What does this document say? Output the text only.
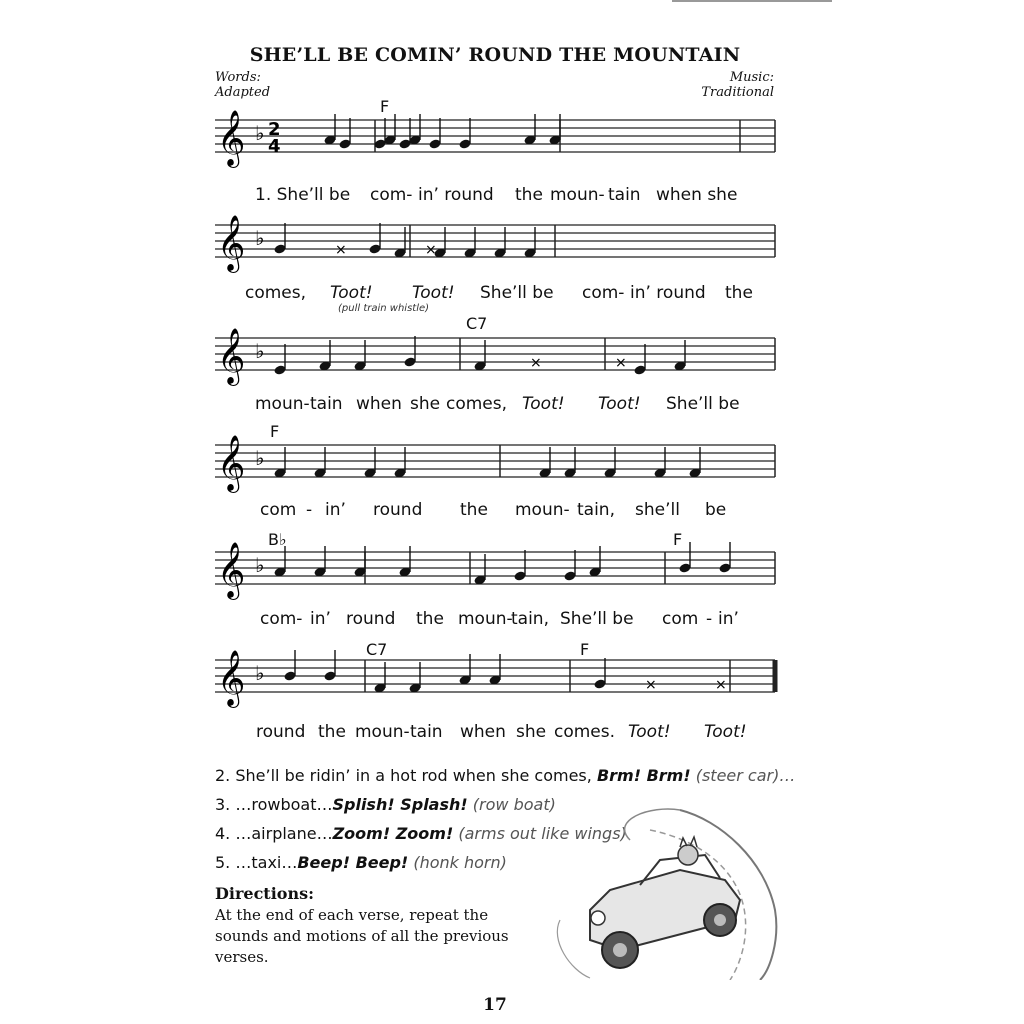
SHE’LL BE COMIN’ ROUND THE MOUNTAIN
Words:
Adapted
Music:
Traditional
𝄞 ♭ 2
4
F
1. She’ll be com- in’ round the moun- tain when she
𝄞 ♭	×	×
comes, Toot! Toot! She’ll be com- in’ round the
(pull train whistle)
𝄞 ♭	×	×
C7
moun- tain when she comes, Toot! Toot! She’ll be
𝄞 ♭
F
com - in’ round the moun- tain, she’ll be
𝄞 ♭
B♭	F
com- in’ round the moun-
tain, She’ll be com - in’
𝄞 ♭	×	×
C7	F
round the moun- tain when she comes. Toot! Toot!
2. She’ll be ridin’ in a hot rod when she comes, Brm! Brm! (steer car)…
3. …rowboat…Splish! Splash! (row boat)
4. …airplane…Zoom! Zoom! (arms out like wings)
5. …taxi…Beep! Beep! (honk horn)
Directions:
At the end of each verse, repeat the sounds and motions of all the previous verses.
17
